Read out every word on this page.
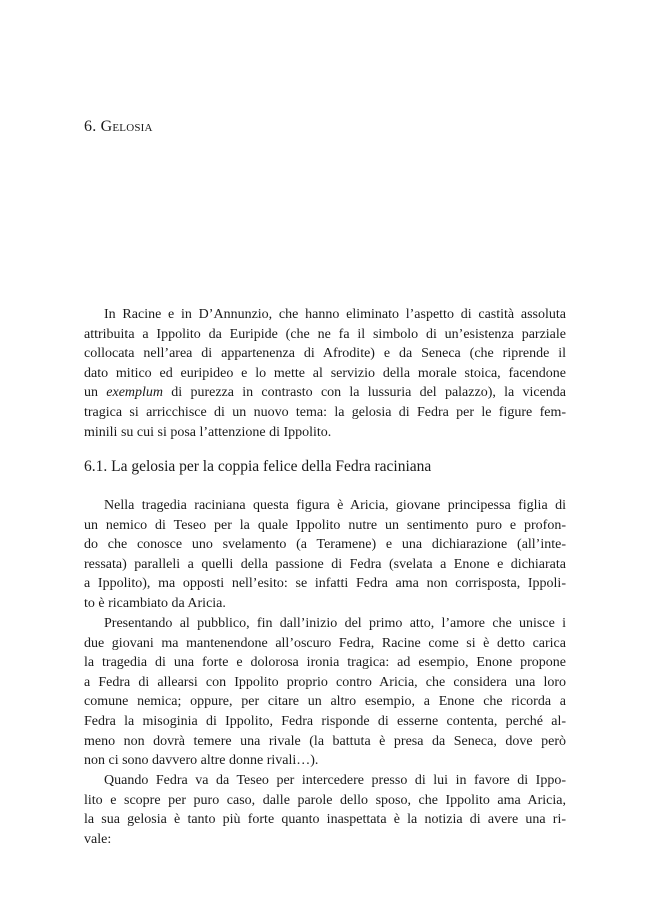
6. Gelosia
In Racine e in D’Annunzio, che hanno eliminato l’aspetto di castità assoluta
attribuita a Ippolito da Euripide (che ne fa il simbolo di un’esistenza parziale
collocata nell’area di appartenenza di Afrodite) e da Seneca (che riprende il
dato mitico ed euripideo e lo mette al servizio della morale stoica, facendone
un exemplum di purezza in contrasto con la lussuria del palazzo), la vicenda
tragica si arricchisce di un nuovo tema: la gelosia di Fedra per le figure fem-
minili su cui si posa l’attenzione di Ippolito.
6.1. La gelosia per la coppia felice della Fedra raciniana
Nella tragedia raciniana questa figura è Aricia, giovane principessa figlia di
un nemico di Teseo per la quale Ippolito nutre un sentimento puro e profon-
do che conosce uno svelamento (a Teramene) e una dichiarazione (all’inte-
ressata) paralleli a quelli della passione di Fedra (svelata a Enone e dichiarata
a Ippolito), ma opposti nell’esito: se infatti Fedra ama non corrisposta, Ippoli-
to è ricambiato da Aricia.
Presentando al pubblico, fin dall’inizio del primo atto, l’amore che unisce i
due giovani ma mantenendone all’oscuro Fedra, Racine come si è detto carica
la tragedia di una forte e dolorosa ironia tragica: ad esempio, Enone propone
a Fedra di allearsi con Ippolito proprio contro Aricia, che considera una loro
comune nemica; oppure, per citare un altro esempio, a Enone che ricorda a
Fedra la misoginia di Ippolito, Fedra risponde di esserne contenta, perché al-
meno non dovrà temere una rivale (la battuta è presa da Seneca, dove però
non ci sono davvero altre donne rivali…).
Quando Fedra va da Teseo per intercedere presso di lui in favore di Ippo-
lito e scopre per puro caso, dalle parole dello sposo, che Ippolito ama Aricia,
la sua gelosia è tanto più forte quanto inaspettata è la notizia di avere una ri-
vale:
